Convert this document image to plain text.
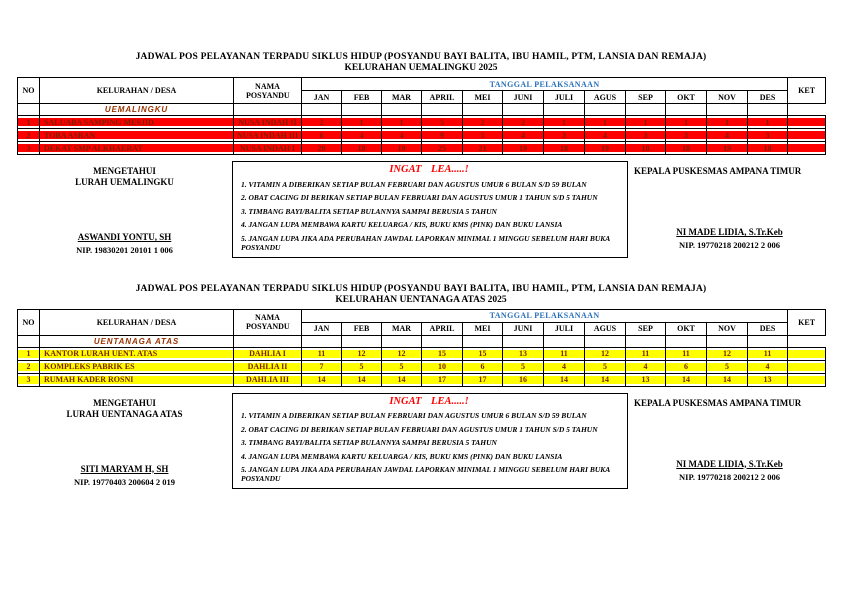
JADWAL POS PELAYANAN TERPADU SIKLUS HIDUP (POSYANDU BAYI BALITA, IBU HAMIL, PTM, LANSIA DAN REMAJA)
KELURAHAN UEMALINGKU 2025
NO	KELURAHAN / DESA	NAMA POSYANDU	TANGGAL PELAKSANAAN												KET
			JAN	FEB	MAR	APRIL	MEI	JUNI	JULI	AGUS	SEP	OKT	NOV	DES	
	UEMALINGKU														
1	SALUABA SAMPING MESJID	NUSA INDAH II	2	1	1	5	2	2	1	1	1	1	1	1	
2	TOBA ASRAN	NUSA INDAH III	6	4	4	9	5	4	3	4	3	3	4	3	
3	DEKAT SMP ALKHAERAT	NUSA INDAH I	20	18	19	25	21	19	18	19	18	18	19	18	
MENGETAHUI
LURAH UEMALINGKU
ASWANDI YONTU, SH
NIP. 19830201 20101 1 006
INGAT LEA.....!
1. VITAMIN A DIBERIKAN SETIAP BULAN FEBRUARI DAN AGUSTUS UMUR 6 BULAN S/D 59 BULAN
2. OBAT CACING DI BERIKAN SETIAP BULAN FEBRUARI DAN AGUSTUS UMUR 1 TAHUN S/D 5 TAHUN
3. TIMBANG BAYI/BALITA SETIAP BULANNYA SAMPAI BERUSIA 5 TAHUN
4. JANGAN LUPA MEMBAWA KARTU KELUARGA / KIS, BUKU KMS (PINK) DAN BUKU LANSIA
5. JANGAN LUPA JIKA ADA PERUBAHAN JAWDAL LAPORKAN MINIMAL 1 MINGGU SEBELUM HARI BUKA POSYANDU
KEPALA PUSKESMAS AMPANA TIMUR
NI MADE LIDIA, S.Tr.Keb
NIP. 19770218 200212 2 006
JADWAL POS PELAYANAN TERPADU SIKLUS HIDUP (POSYANDU BAYI BALITA, IBU HAMIL, PTM, LANSIA DAN REMAJA)
KELURAHAN UENTANAGA ATAS 2025
NO	KELURAHAN / DESA	NAMA POSYANDU	TANGGAL PELAKSANAAN												KET
			JAN	FEB	MAR	APRIL	MEI	JUNI	JULI	AGUS	SEP	OKT	NOV	DES	
	UENTANAGA ATAS														
1	KANTOR LURAH UENT. ATAS	DAHLIA I	11	12	12	15	15	13	11	12	11	11	12	11	
2	KOMPLEKS PABRIK ES	DAHLIA II	7	5	5	10	6	5	4	5	4	6	5	4	
3	RUMAH KADER ROSNI	DAHLIA III	14	14	14	17	17	16	14	14	13	14	14	13	
MENGETAHUI
LURAH UENTANAGA ATAS
SITI MARYAM H, SH
NIP. 19770403 200604 2 019
INGAT LEA.....!
1. VITAMIN A DIBERIKAN SETIAP BULAN FEBRUARI DAN AGUSTUS UMUR 6 BULAN S/D 59 BULAN
2. OBAT CACING DI BERIKAN SETIAP BULAN FEBRUARI DAN AGUSTUS UMUR 1 TAHUN S/D 5 TAHUN
3. TIMBANG BAYI/BALITA SETIAP BULANNYA SAMPAI BERUSIA 5 TAHUN
4. JANGAN LUPA MEMBAWA KARTU KELUARGA / KIS, BUKU KMS (PINK) DAN BUKU LANSIA
5. JANGAN LUPA JIKA ADA PERUBAHAN JAWDAL LAPORKAN MINIMAL 1 MINGGU SEBELUM HARI BUKA POSYANDU
KEPALA PUSKESMAS AMPANA TIMUR
NI MADE LIDIA, S.Tr.Keb
NIP. 19770218 200212 2 006
